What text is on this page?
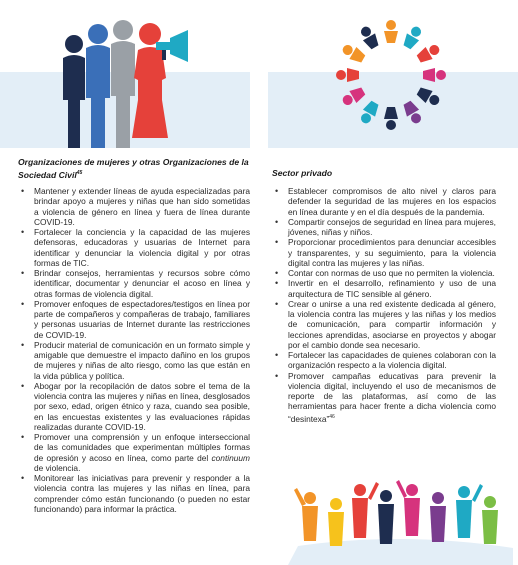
Organizaciones de mujeres y otras Organizaciones de la Sociedad Civil$^{45}$
• Mantener y extender líneas de ayuda especializadas para brindar apoyo a mujeres y niñas que han sido sometidas a violencia de género en línea y fuera de línea durante COVID-19.
• Fortalecer la conciencia y la capacidad de las mujeres defensoras, educadoras y usuarias de Internet para identificar y denunciar la violencia digital y por otras formas de TIC.
• Brindar consejos, herramientas y recursos sobre cómo identificar, documentar y denunciar el acoso en línea y otras formas de violencia digital.
• Promover enfoques de espectadores/testigos en línea por parte de compañeros y compañeras de trabajo, familiares y personas usuarias de Internet durante las restricciones de COVID-19.
• Producir material de comunicación en un formato simple y amigable que demuestre el impacto dañino en los grupos de mujeres y niñas de alto riesgo, como las que están en la vida pública y política.
• Abogar por la recopilación de datos sobre el tema de la violencia contra las mujeres y niñas en línea, desglosados por sexo, edad, origen étnico y raza, cuando sea posible, en las encuestas existentes y las evaluaciones rápidas realizadas durante COVID-19.
• Promover una comprensión y un enfoque interseccional de las comunidades que experimentan múltiples formas de opresión y acoso en línea, como parte del continuum de violencia.
• Monitorear las iniciativas para prevenir y responder a la violencia contra las mujeres y las niñas en línea, para comprender cómo están funcionando (o pueden no estar funcionando) para informar la práctica.
Sector privado
• Establecer compromisos de alto nivel y claros para defender la seguridad de las mujeres en los espacios en línea durante y en el día después de la pandemia.
• Compartir consejos de seguridad en línea para mujeres, jóvenes, niñas y niños.
• Proporcionar procedimientos para denunciar accesibles y transparentes, y su seguimiento, para la violencia digital contra las mujeres y las niñas.
• Contar con normas de uso que no permiten la violencia.
• Invertir en el desarrollo, refinamiento y uso de una arquitectura de TIC sensible al género.
• Crear o unirse a una red existente dedicada al género, la violencia contra las mujeres y las niñas y los medios de comunicación, para compartir información y lecciones aprendidas, asociarse en proyectos y abogar por el cambio donde sea necesario.
• Fortalecer las capacidades de quienes colaboran con la organización respecto a la violencia digital.
• Promover campañas educativas para prevenir la violencia digital, incluyendo el uso de mecanismos de reporte de las plataformas, así como de las herramientas para hacer frente a dicha violencia como “desintexa”$^{46}$
